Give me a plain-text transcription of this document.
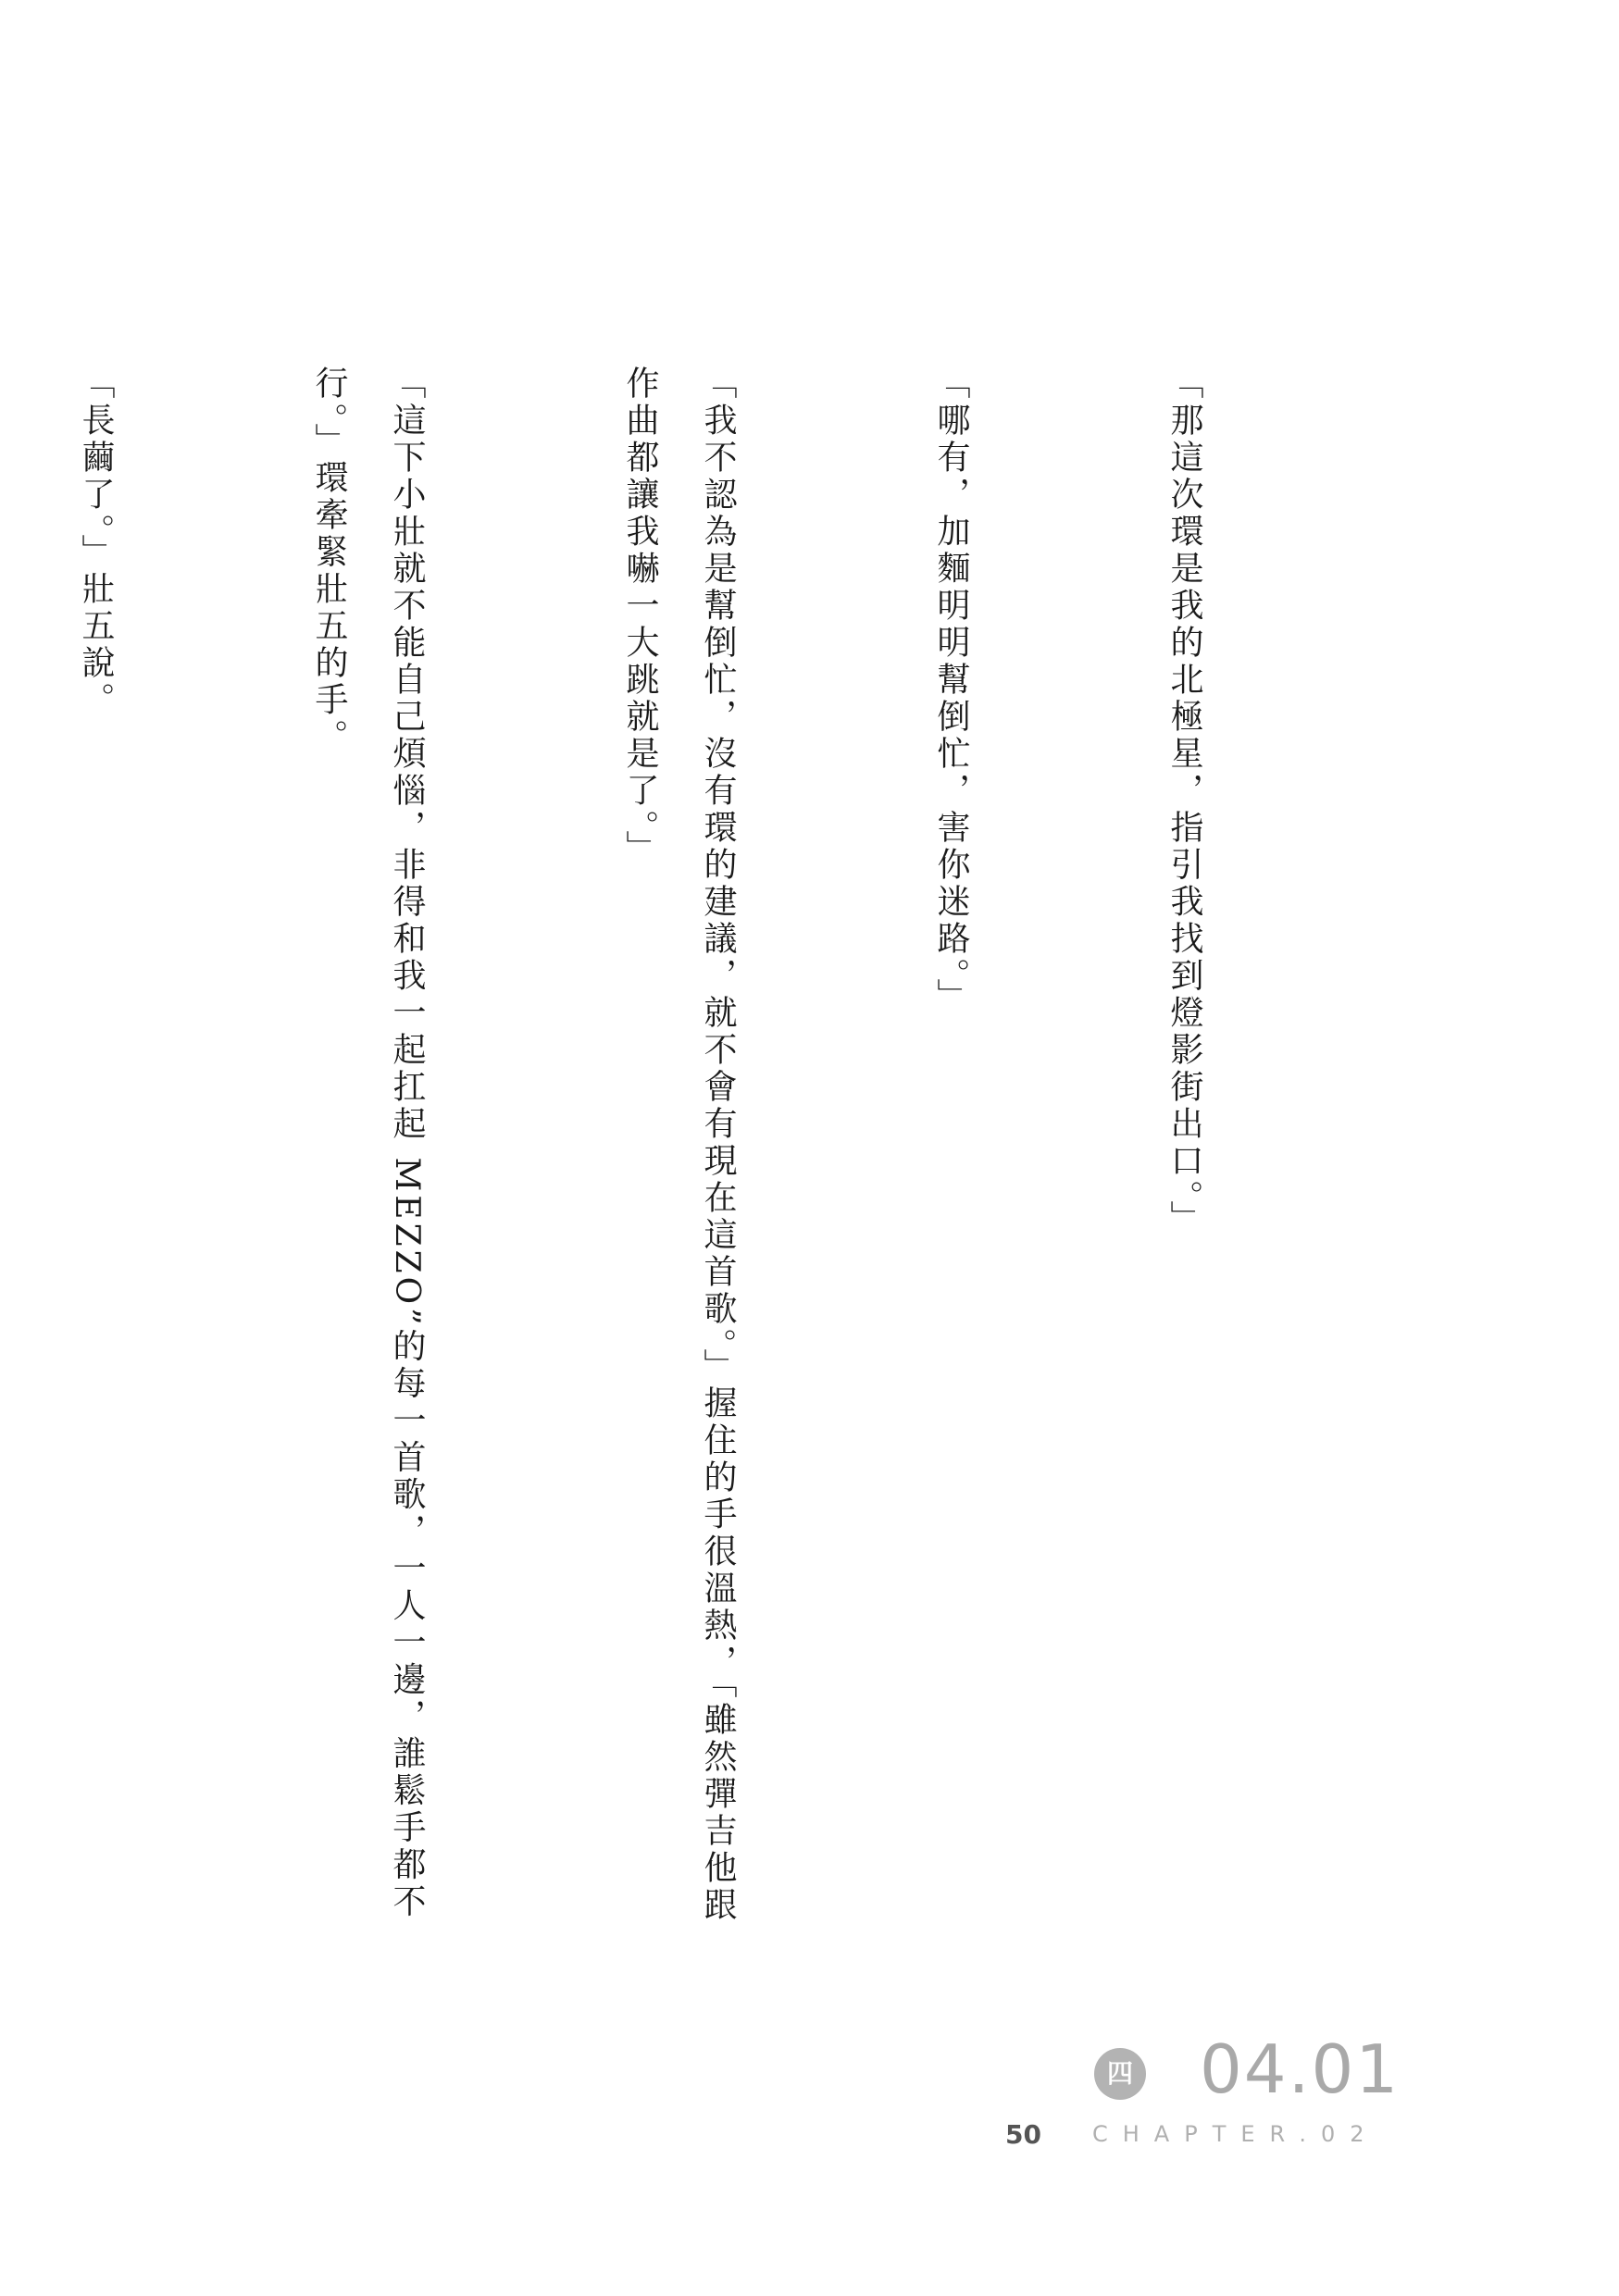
「那這次環是我的北極星，指引我找到燈影街出口。」

「哪有，加麵明明幫倒忙，害你迷路。」

「我不認為是幫倒忙，沒有環的建議，就不會有現在這首歌。」握住的手很溫熱，「雖然彈吉他跟作曲都讓我嚇一大跳就是了。」

「這下小壯就不能自己煩惱，非得和我一起扛起 MEZZO”的每一首歌，一人一邊，誰鬆手都不行。」環牽緊壯五的手。

「長繭了。」壯五說。

四 04.01
50 CHAPTER.02
